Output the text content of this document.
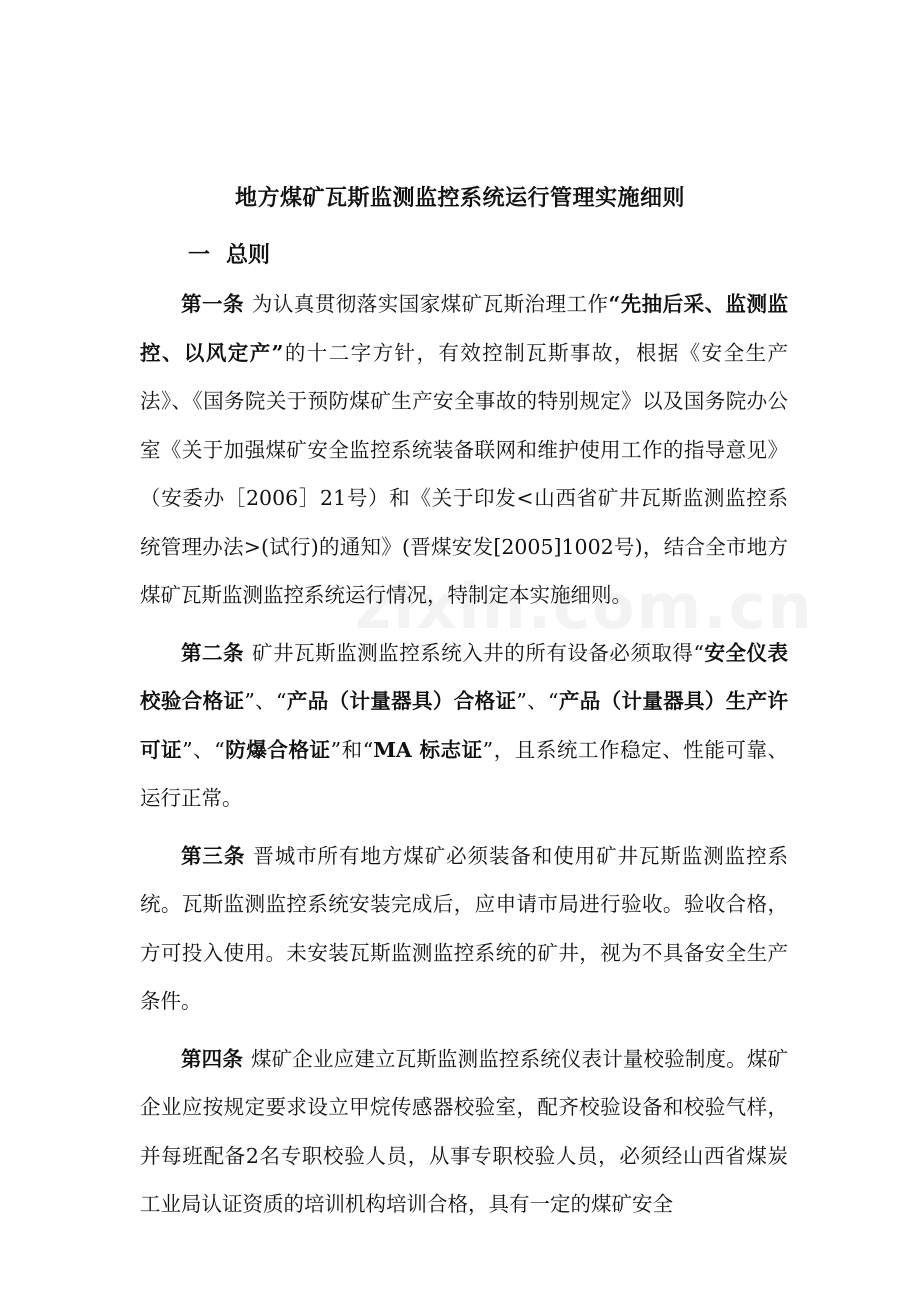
地方煤矿瓦斯监测监控系统运行管理实施细则
一 总则

第一条 为认真贯彻落实国家煤矿瓦斯治理工作“先抽后采、监测监控、以风定产”的十二字方针，有效控制瓦斯事故，根据《安全生产法》、《国务院关于预防煤矿生产安全事故的特别规定》以及国务院办公室《关于加强煤矿安全监控系统装备联网和维护使用工作的指导意见》（安委办［2006］21号）和《关于印发<山西省矿井瓦斯监测监控系统管理办法>(试行)的通知》(晋煤安发[2005]1002号)，结合全市地方煤矿瓦斯监测监控系统运行情况，特制定本实施细则。

第二条 矿井瓦斯监测监控系统入井的所有设备必须取得“安全仪表校验合格证”、“产品（计量器具）合格证”、“产品（计量器具）生产许可证”、“防爆合格证”和“MA 标志证”，且系统工作稳定、性能可靠、运行正常。

第三条 晋城市所有地方煤矿必须装备和使用矿井瓦斯监测监控系统。瓦斯监测监控系统安装完成后，应申请市局进行验收。验收合格，方可投入使用。未安装瓦斯监测监控系统的矿井，视为不具备安全生产条件。

第四条 煤矿企业应建立瓦斯监测监控系统仪表计量校验制度。煤矿企业应按规定要求设立甲烷传感器校验室，配齐校验设备和校验气样，并每班配备2名专职校验人员，从事专职校验人员，必须经山西省煤炭工业局认证资质的培训机构培训合格，具有一定的煤矿安全
